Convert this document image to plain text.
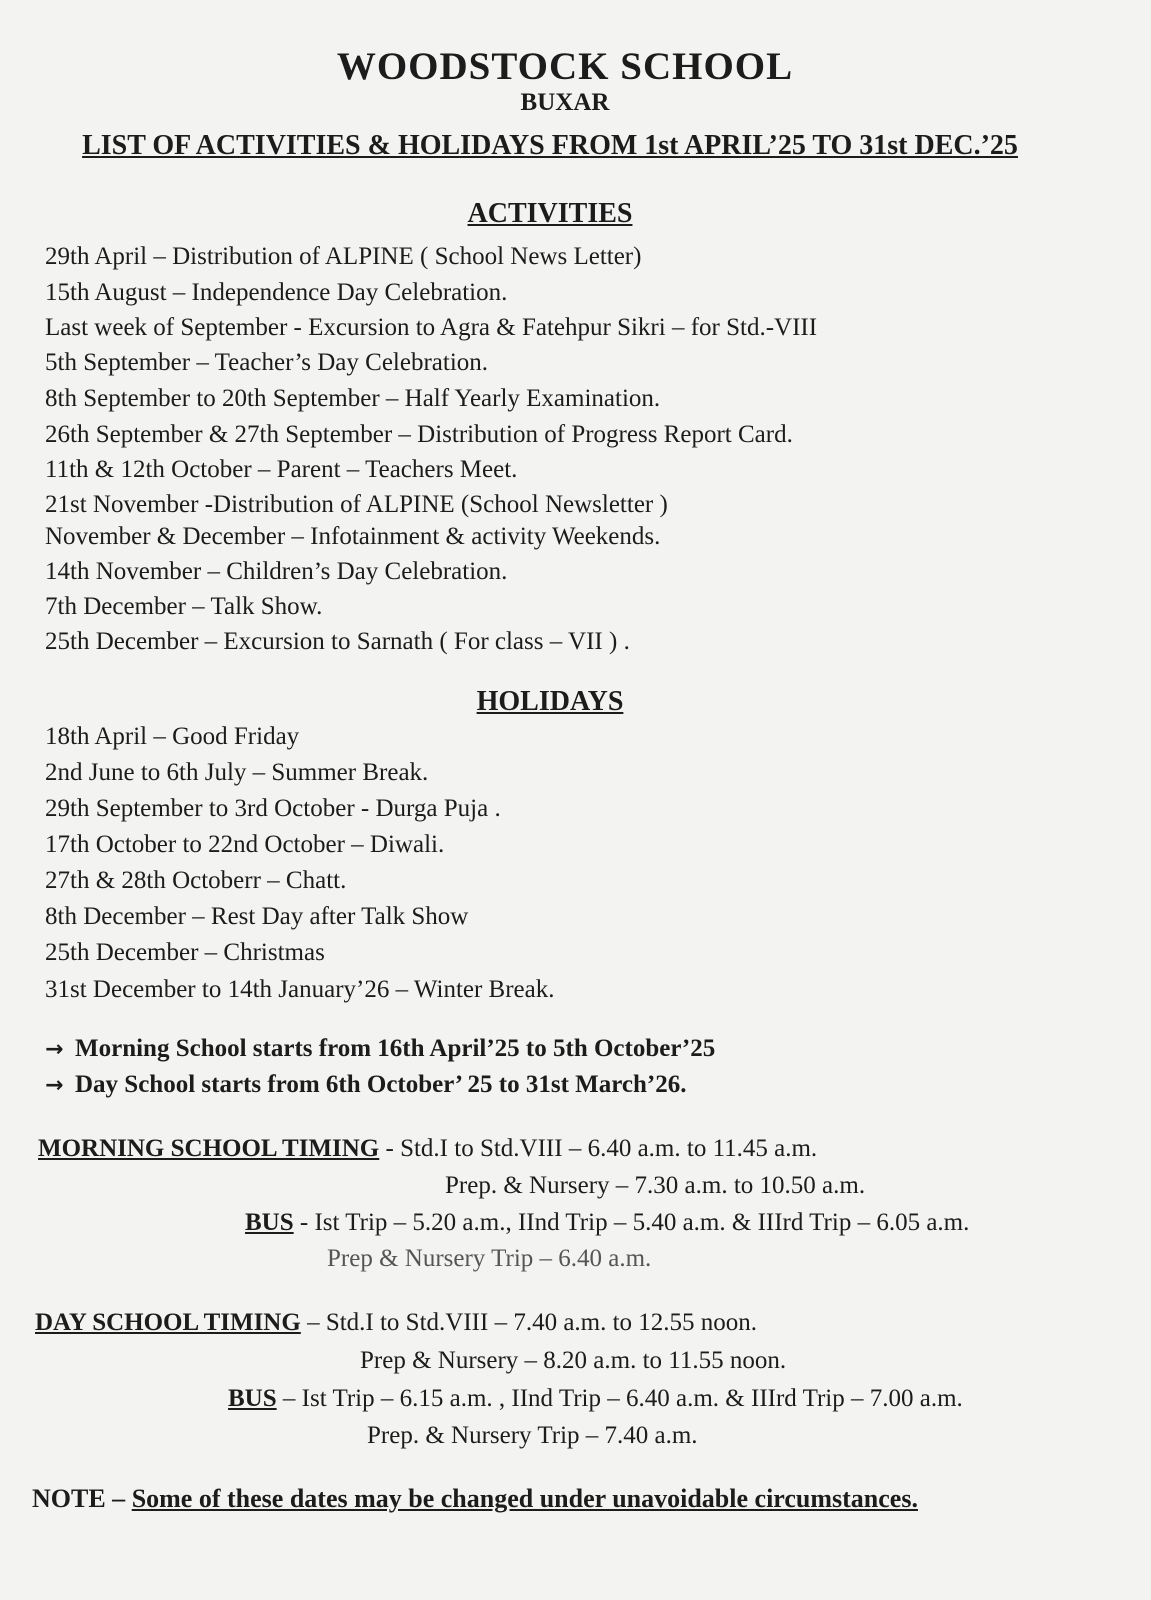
WOODSTOCK SCHOOL
BUXAR
LIST OF ACTIVITIES & HOLIDAYS FROM 1st APRIL’25 TO 31st DEC.’25
ACTIVITIES
29th April – Distribution of ALPINE ( School News Letter)
15th August – Independence Day Celebration.
Last week of September - Excursion to Agra & Fatehpur Sikri – for Std.-VIII
5th September – Teacher’s Day Celebration.
8th September to 20th September – Half Yearly Examination.
26th September & 27th September – Distribution of Progress Report Card.
11th & 12th October – Parent – Teachers Meet.
21st November -Distribution of ALPINE (School Newsletter )
November & December – Infotainment & activity Weekends.
14th November – Children’s Day Celebration.
7th December – Talk Show.
25th December – Excursion to Sarnath ( For class – VII ) .
HOLIDAYS
18th April – Good Friday
2nd June to 6th July – Summer Break.
29th September to 3rd October - Durga Puja .
17th October to 22nd October – Diwali.
27th & 28th Octoberr – Chatt.
8th December – Rest Day after Talk Show
25th December – Christmas
31st December to 14th January’26 – Winter Break.
→ Morning School starts from 16th April’25 to 5th October’25
→ Day School starts from 6th October’ 25 to 31st March’26.
MORNING SCHOOL TIMING - Std.I to Std.VIII – 6.40 a.m. to 11.45 a.m.
Prep. & Nursery – 7.30 a.m. to 10.50 a.m.
BUS - Ist Trip – 5.20 a.m., IInd Trip – 5.40 a.m. & IIIrd Trip – 6.05 a.m.
Prep & Nursery Trip – 6.40 a.m.
DAY SCHOOL TIMING – Std.I to Std.VIII – 7.40 a.m. to 12.55 noon.
Prep & Nursery – 8.20 a.m. to 11.55 noon.
BUS – Ist Trip – 6.15 a.m. , IInd Trip – 6.40 a.m. & IIIrd Trip – 7.00 a.m.
Prep. & Nursery Trip – 7.40 a.m.
NOTE – Some of these dates may be changed under unavoidable circumstances.
